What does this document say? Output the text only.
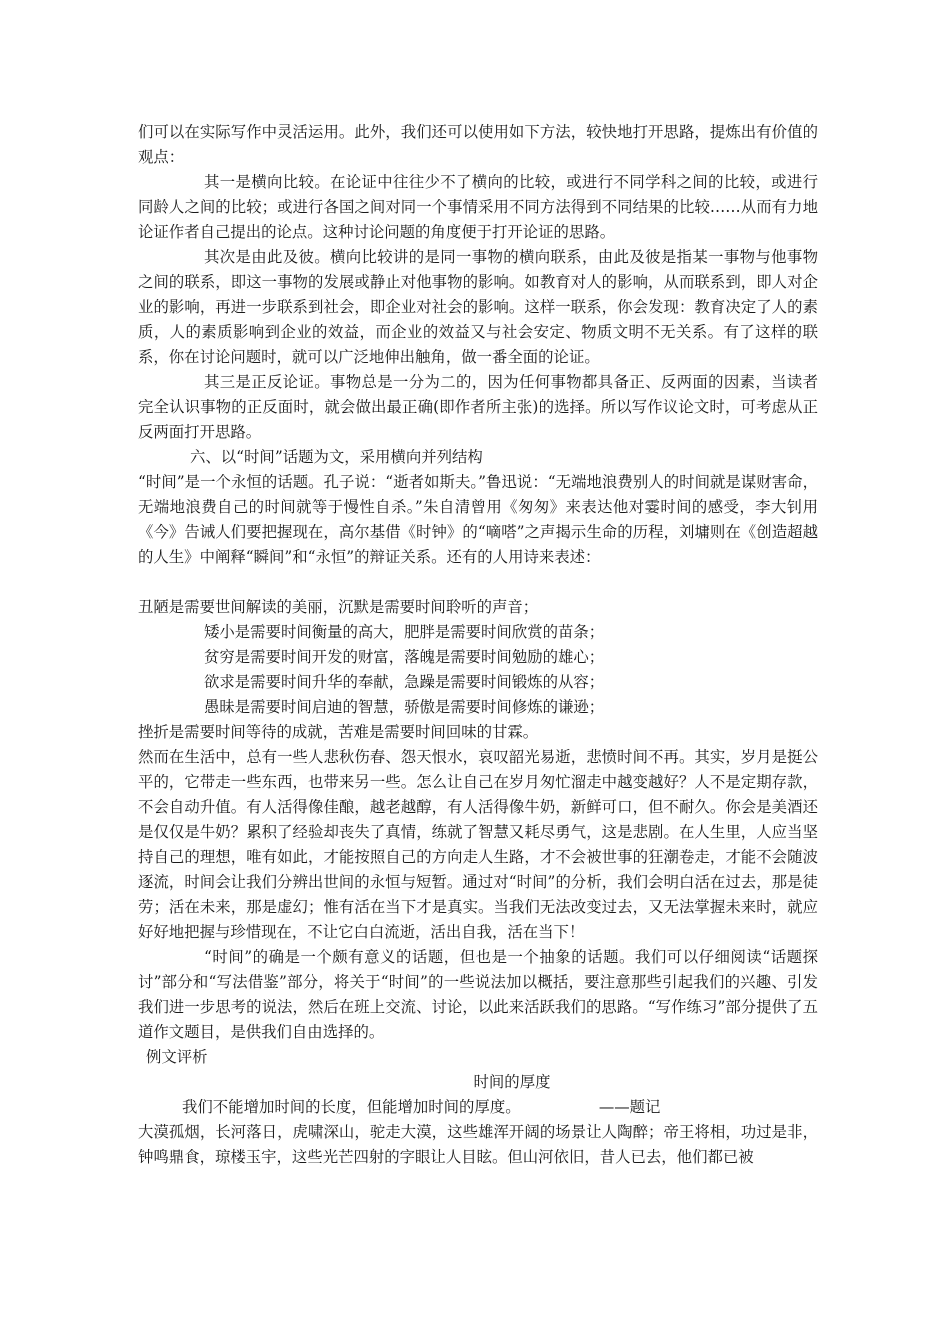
们可以在实际写作中灵活运用。此外，我们还可以使用如下方法，较快地打开思路，提炼出有价值的观点：

其一是横向比较。在论证中往往少不了横向的比较，或进行不同学科之间的比较，或进行同龄人之间的比较；或进行各国之间对同一个事情采用不同方法得到不同结果的比较……从而有力地论证作者自己提出的论点。这种讨论问题的角度便于打开论证的思路。

其次是由此及彼。横向比较讲的是同一事物的横向联系，由此及彼是指某一事物与他事物之间的联系，即这一事物的发展或静止对他事物的影响。如教育对人的影响，从而联系到，即人对企业的影响，再进一步联系到社会，即企业对社会的影响。这样一联系，你会发现：教育决定了人的素质，人的素质影响到企业的效益，而企业的效益又与社会安定、物质文明不无关系。有了这样的联系，你在讨论问题时，就可以广泛地伸出触角，做一番全面的论证。

其三是正反论证。事物总是一分为二的，因为任何事物都具备正、反两面的因素，当读者完全认识事物的正反面时，就会做出最正确(即作者所主张)的选择。所以写作议论文时，可考虑从正反两面打开思路。

六、以“时间”话题为文，采用横向并列结构

“时间”是一个永恒的话题。孔子说：“逝者如斯夫。”鲁迅说：“无端地浪费别人的时间就是谋财害命，无端地浪费自己的时间就等于慢性自杀。”朱自清曾用《匆匆》来表达他对霎时间的感受，李大钊用《今》告诫人们要把握现在，高尔基借《时钟》的“嘀嗒”之声揭示生命的历程，刘墉则在《创造超越的人生》中阐释“瞬间”和“永恒”的辩证关系。还有的人用诗来表述：

丑陋是需要世间解读的美丽，沉默是需要时间聆听的声音；

矮小是需要时间衡量的高大，肥胖是需要时间欣赏的苗条；

贫穷是需要时间开发的财富，落魄是需要时间勉励的雄心；

欲求是需要时间升华的奉献，急躁是需要时间锻炼的从容；

愚昧是需要时间启迪的智慧，骄傲是需要时间修炼的谦逊；

挫折是需要时间等待的成就，苦难是需要时间回味的甘霖。

然而在生活中，总有一些人悲秋伤春、怨天恨水，哀叹韶光易逝，悲愤时间不再。其实，岁月是挺公平的，它带走一些东西，也带来另一些。怎么让自己在岁月匆忙溜走中越变越好？人不是定期存款，不会自动升值。有人活得像佳酿，越老越醇，有人活得像牛奶，新鲜可口，但不耐久。你会是美酒还是仅仅是牛奶？累积了经验却丧失了真情，练就了智慧又耗尽勇气，这是悲剧。在人生里，人应当坚持自己的理想，唯有如此，才能按照自己的方向走人生路，才不会被世事的狂潮卷走，才能不会随波逐流，时间会让我们分辨出世间的永恒与短暂。通过对“时间”的分析，我们会明白活在过去，那是徒劳；活在未来，那是虚幻；惟有活在当下才是真实。当我们无法改变过去，又无法掌握未来时，就应好好地把握与珍惜现在，不让它白白流逝，活出自我，活在当下！

“时间”的确是一个颇有意义的话题，但也是一个抽象的话题。我们可以仔细阅读“话题探讨”部分和“写法借鉴”部分，将关于“时间”的一些说法加以概括，要注意那些引起我们的兴趣、引发我们进一步思考的说法，然后在班上交流、讨论，以此来活跃我们的思路。“写作练习”部分提供了五道作文题目，是供我们自由选择的。

例文评析

时间的厚度

我们不能增加时间的长度，但能增加时间的厚度。                ——题记

大漠孤烟，长河落日，虎啸深山，驼走大漠，这些雄浑开阔的场景让人陶醉；帝王将相，功过是非，钟鸣鼎食，琼楼玉宇，这些光芒四射的字眼让人目眩。但山河依旧，昔人已去，他们都已被
